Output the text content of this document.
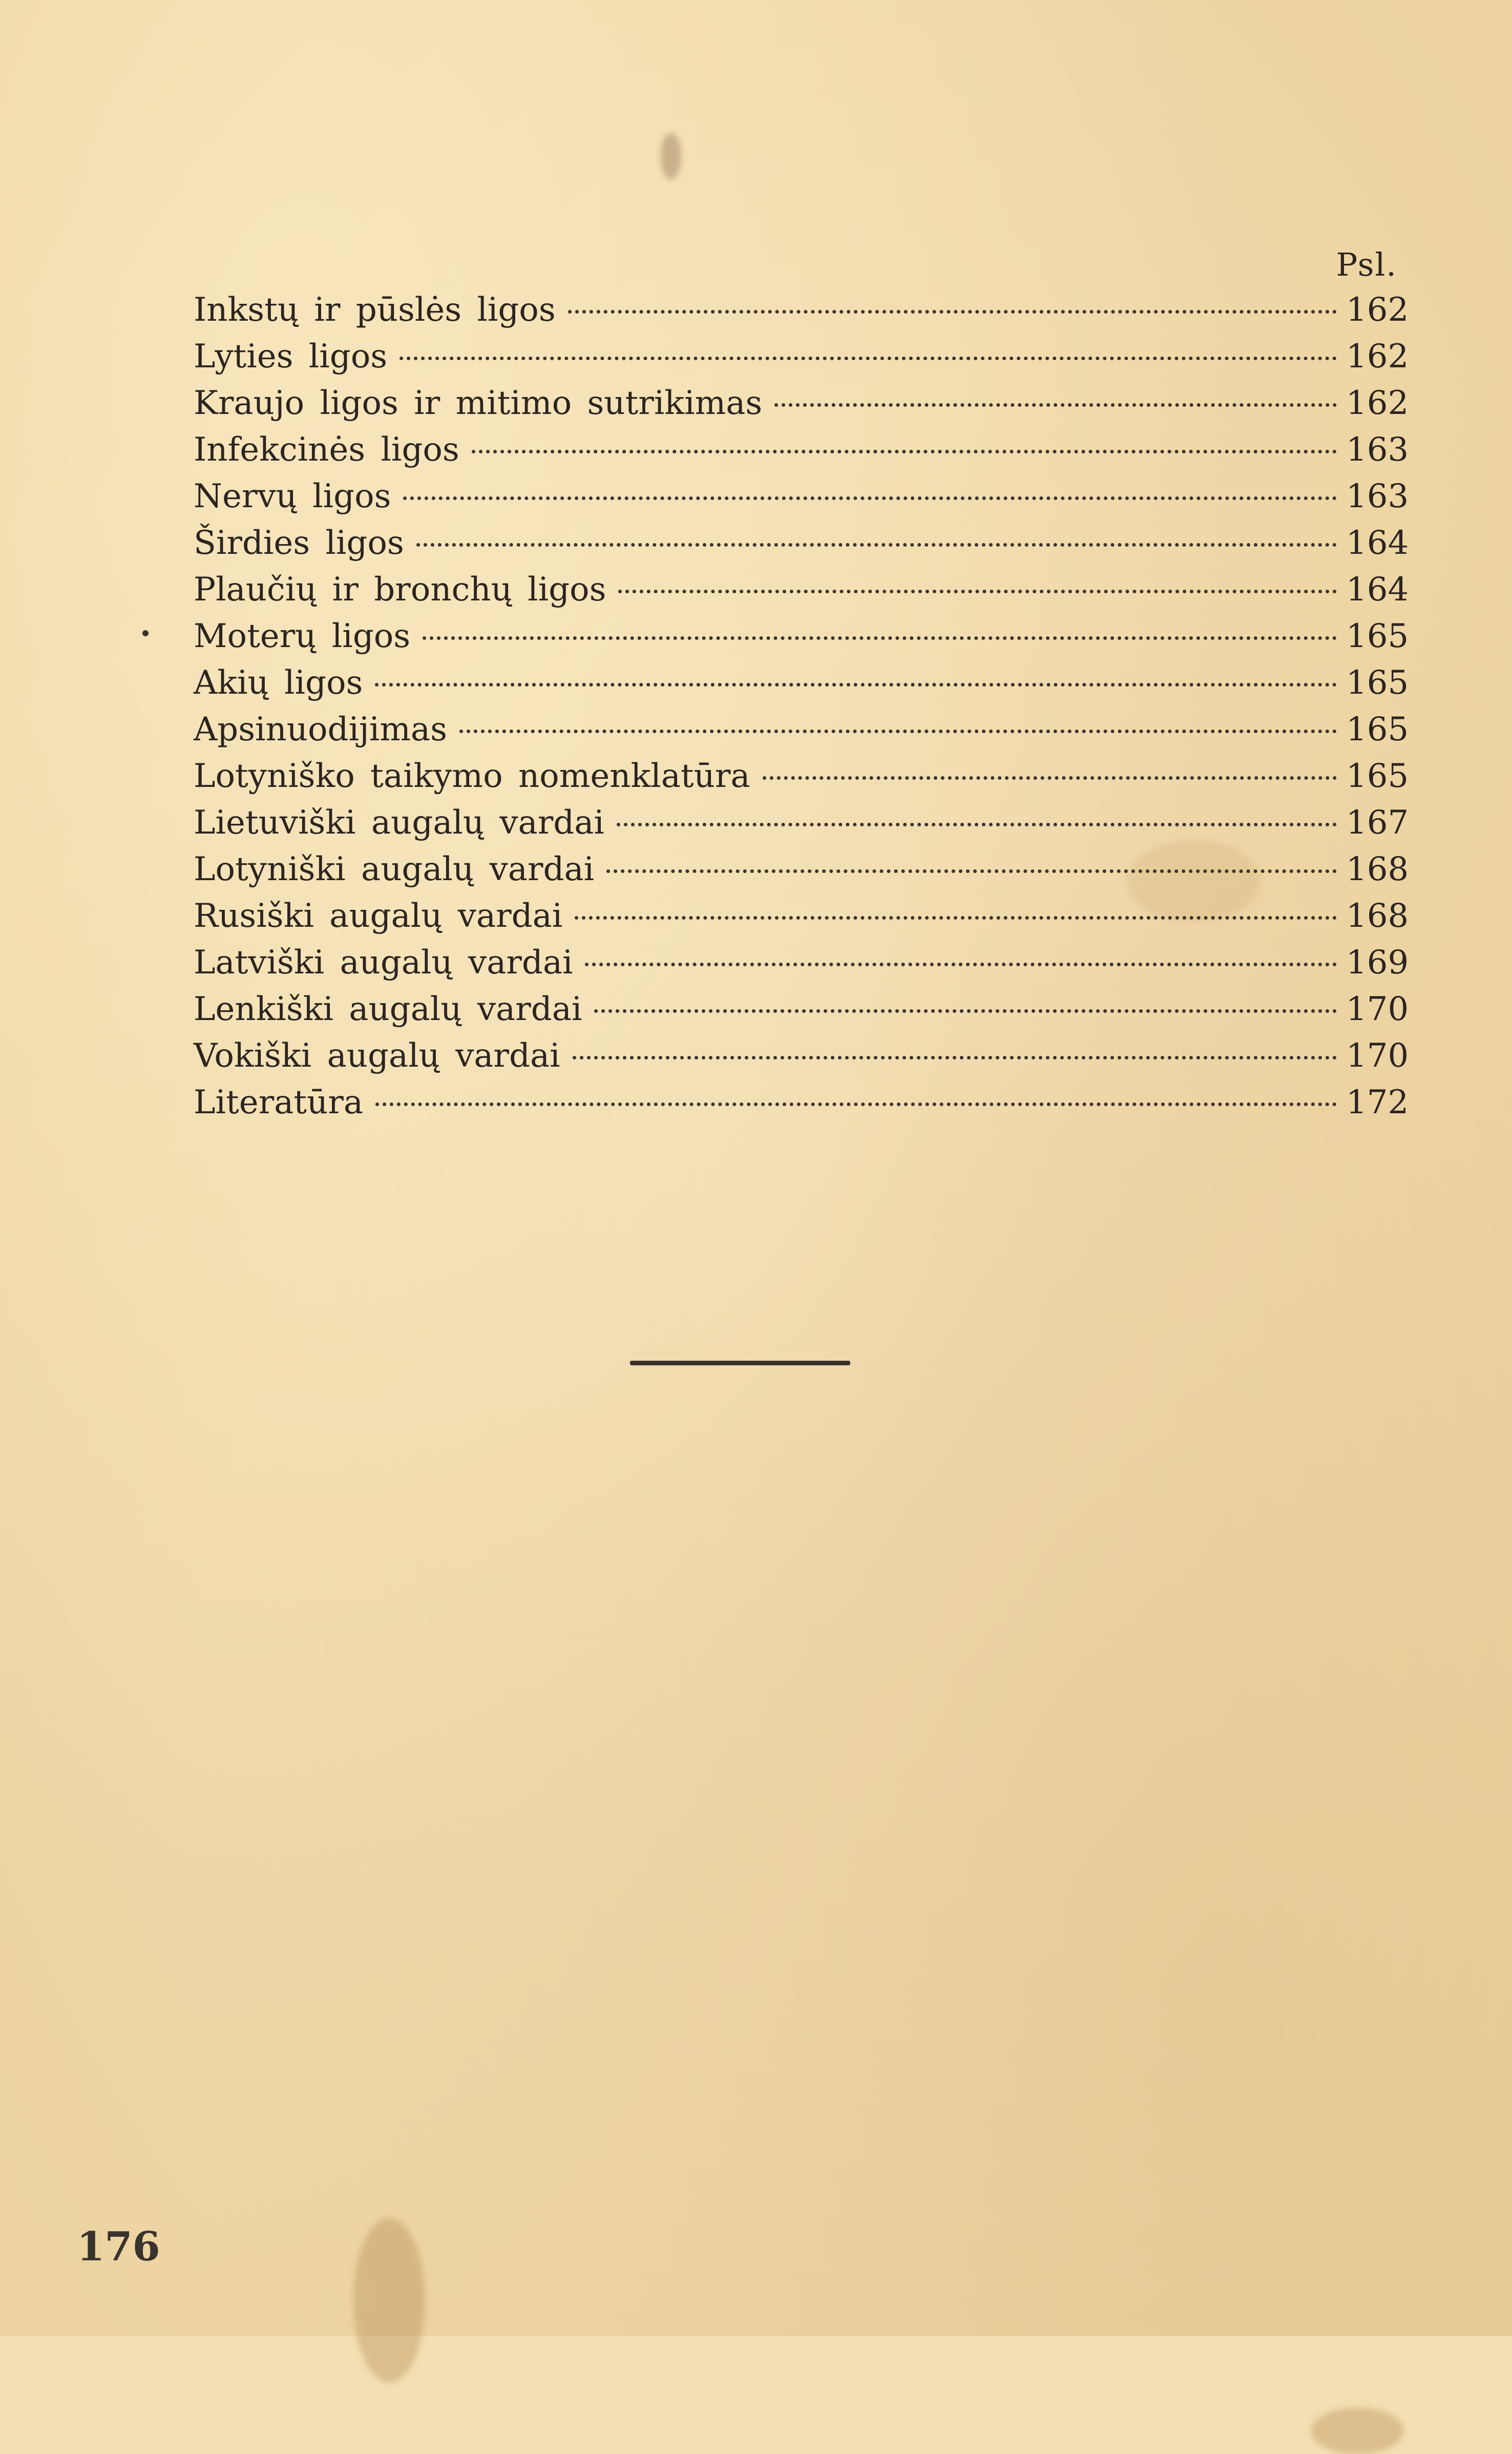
Psl.
Inkstų ir pūslės ligos	162
Lyties ligos	162
Kraujo ligos ir mitimo sutrikimas	162
Infekcinės ligos	163
Nervų ligos	163
Širdies ligos	164
Plaučių ir bronchų ligos	164
Moterų ligos	165
Akių ligos	165
Apsinuodijimas	165
Lotyniško taikymo nomenklatūra	165
Lietuviški augalų vardai	167
Lotyniški augalų vardai	168
Rusiški augalų vardai	168
Latviški augalų vardai	169
Lenkiški augalų vardai	170
Vokiški augalų vardai	170
Literatūra	172
176
